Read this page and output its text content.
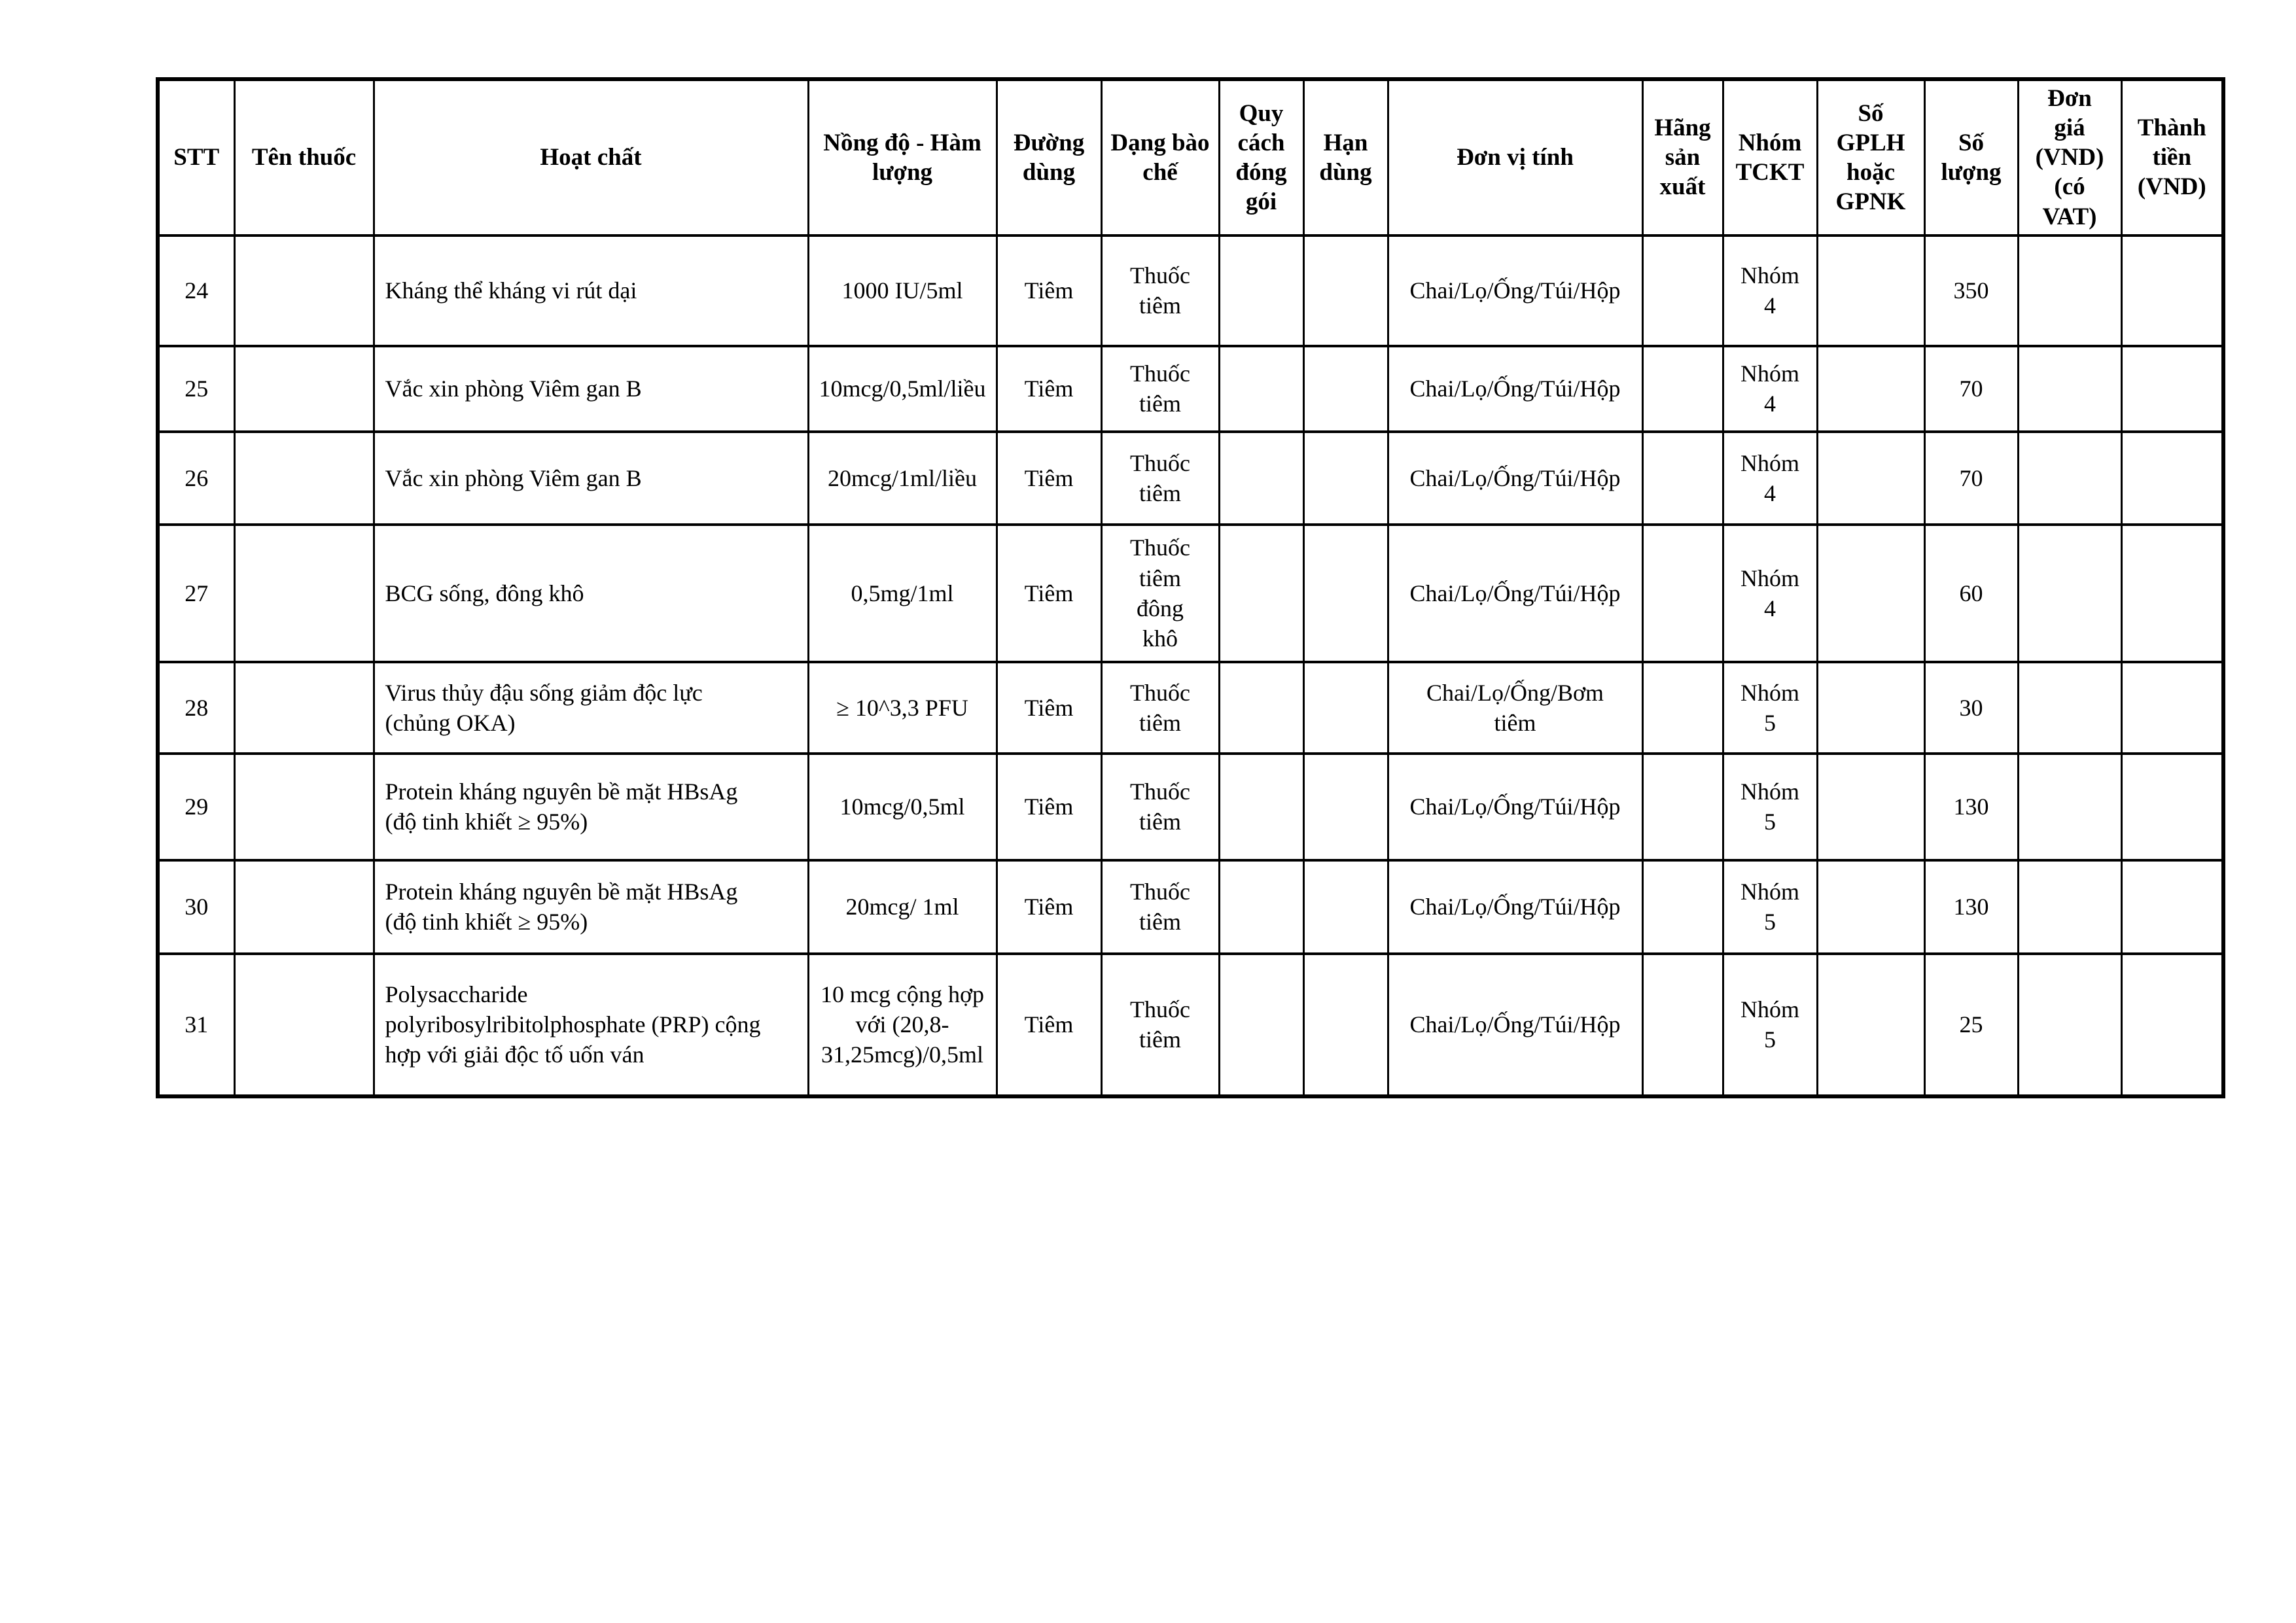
STT	Tên thuốc	Hoạt chất	Nồng độ - Hàm lượng	Đường dùng	Dạng bào chế	Quy cách đóng gói	Hạn dùng	Đơn vị tính	Hãng sản xuất	Nhóm TCKT	Số GPLH hoặc GPNK	Số lượng	Đơn
giá
(VND)
(có
VAT)	Thành tiền (VND)
24		Kháng thể kháng vi rút dại	1000 IU/5ml	Tiêm	Thuốc
tiêm			Chai/Lọ/Ống/Túi/Hộp		Nhóm
4		350		
25		Vắc xin phòng Viêm gan B	10mcg/0,5ml/liều	Tiêm	Thuốc
tiêm			Chai/Lọ/Ống/Túi/Hộp		Nhóm
4		70		
26		Vắc xin phòng Viêm gan B	20mcg/1ml/liều	Tiêm	Thuốc
tiêm			Chai/Lọ/Ống/Túi/Hộp		Nhóm
4		70		
27		BCG sống, đông khô	0,5mg/1ml	Tiêm	Thuốc
tiêm
đông
khô			Chai/Lọ/Ống/Túi/Hộp		Nhóm
4		60		
28		Virus thủy đậu sống giảm độc lực
(chủng OKA)	≥ 10^3,3 PFU	Tiêm	Thuốc
tiêm			Chai/Lọ/Ống/Bơm
tiêm		Nhóm
5		30		
29		Protein kháng nguyên bề mặt HBsAg
(độ tinh khiết ≥ 95%)	10mcg/0,5ml	Tiêm	Thuốc
tiêm			Chai/Lọ/Ống/Túi/Hộp		Nhóm
5		130		
30		Protein kháng nguyên bề mặt HBsAg
(độ tinh khiết ≥ 95%)	20mcg/ 1ml	Tiêm	Thuốc
tiêm			Chai/Lọ/Ống/Túi/Hộp		Nhóm
5		130		
31		Polysaccharide
polyribosylribitolphosphate (PRP) cộng
hợp với giải độc tố uốn ván	10 mcg cộng hợp
với (20,8-
31,25mcg)/0,5ml	Tiêm	Thuốc
tiêm			Chai/Lọ/Ống/Túi/Hộp		Nhóm
5		25		
